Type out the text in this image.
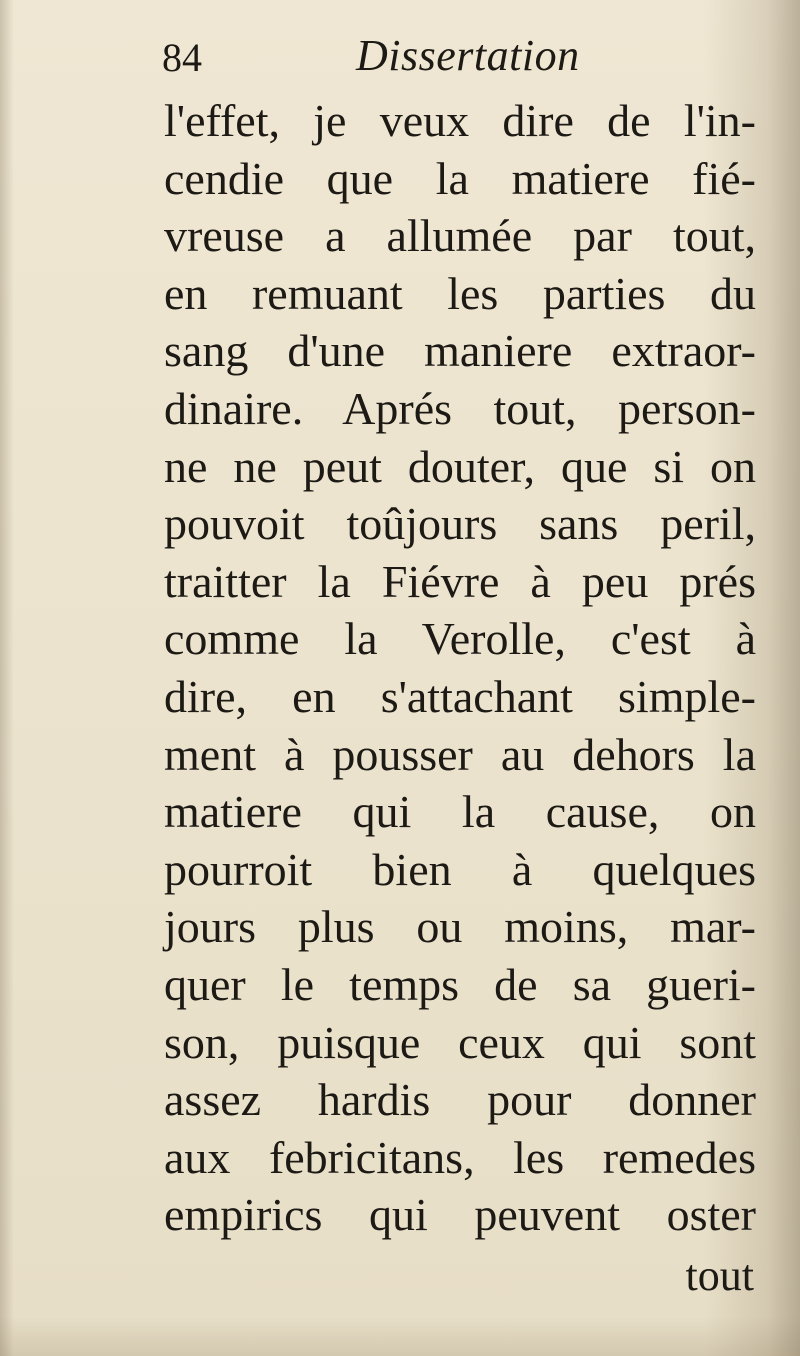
84	Dissertation
l'effet, je veux dire de l'in-
cendie que la matiere fié-
vreuse a allumée par tout,
en remuant les parties du
sang d'une maniere extraor-
dinaire. Aprés tout, person-
ne ne peut douter, que si on
pouvoit toûjours sans peril,
traitter la Fiévre à peu prés
comme la Verolle, c'est à
dire, en s'attachant simple-
ment à pousser au dehors la
matiere qui la cause, on
pourroit bien à quelques
jours plus ou moins, mar-
quer le temps de sa gueri-
son, puisque ceux qui sont
assez hardis pour donner
aux febricitans, les remedes
empirics qui peuvent oster
tout
